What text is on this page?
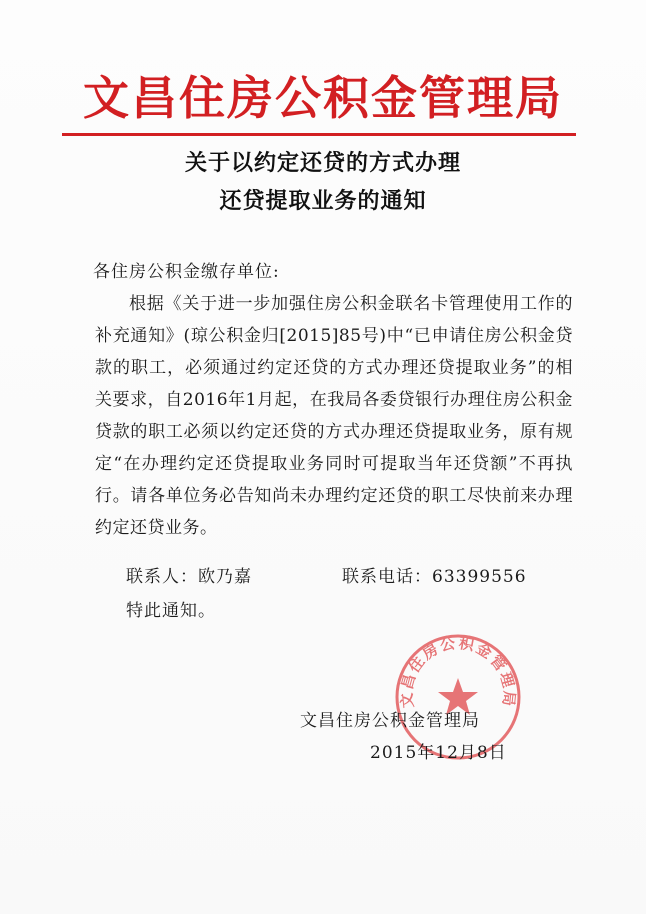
文昌住房公积金管理局
关于以约定还贷的方式办理
还贷提取业务的通知
各住房公积金缴存单位:
根据《关于进一步加强住房公积金联名卡管理使用工作的补充通知》(琼公积金归[2015]85号)中“已申请住房公积金贷款的职工，必须通过约定还贷的方式办理还贷提取业务”的相关要求，自2016年1月起，在我局各委贷银行办理住房公积金贷款的职工必须以约定还贷的方式办理还贷提取业务，原有规定“在办理约定还贷提取业务同时可提取当年还贷额”不再执行。请各单位务必告知尚未办理约定还贷的职工尽快前来办理约定还贷业务。
联系人：欧乃嘉	联系电话：63399556
特此通知。
文昌住房公积金管理局
文昌住房公积金管理局
2015年12月8日
